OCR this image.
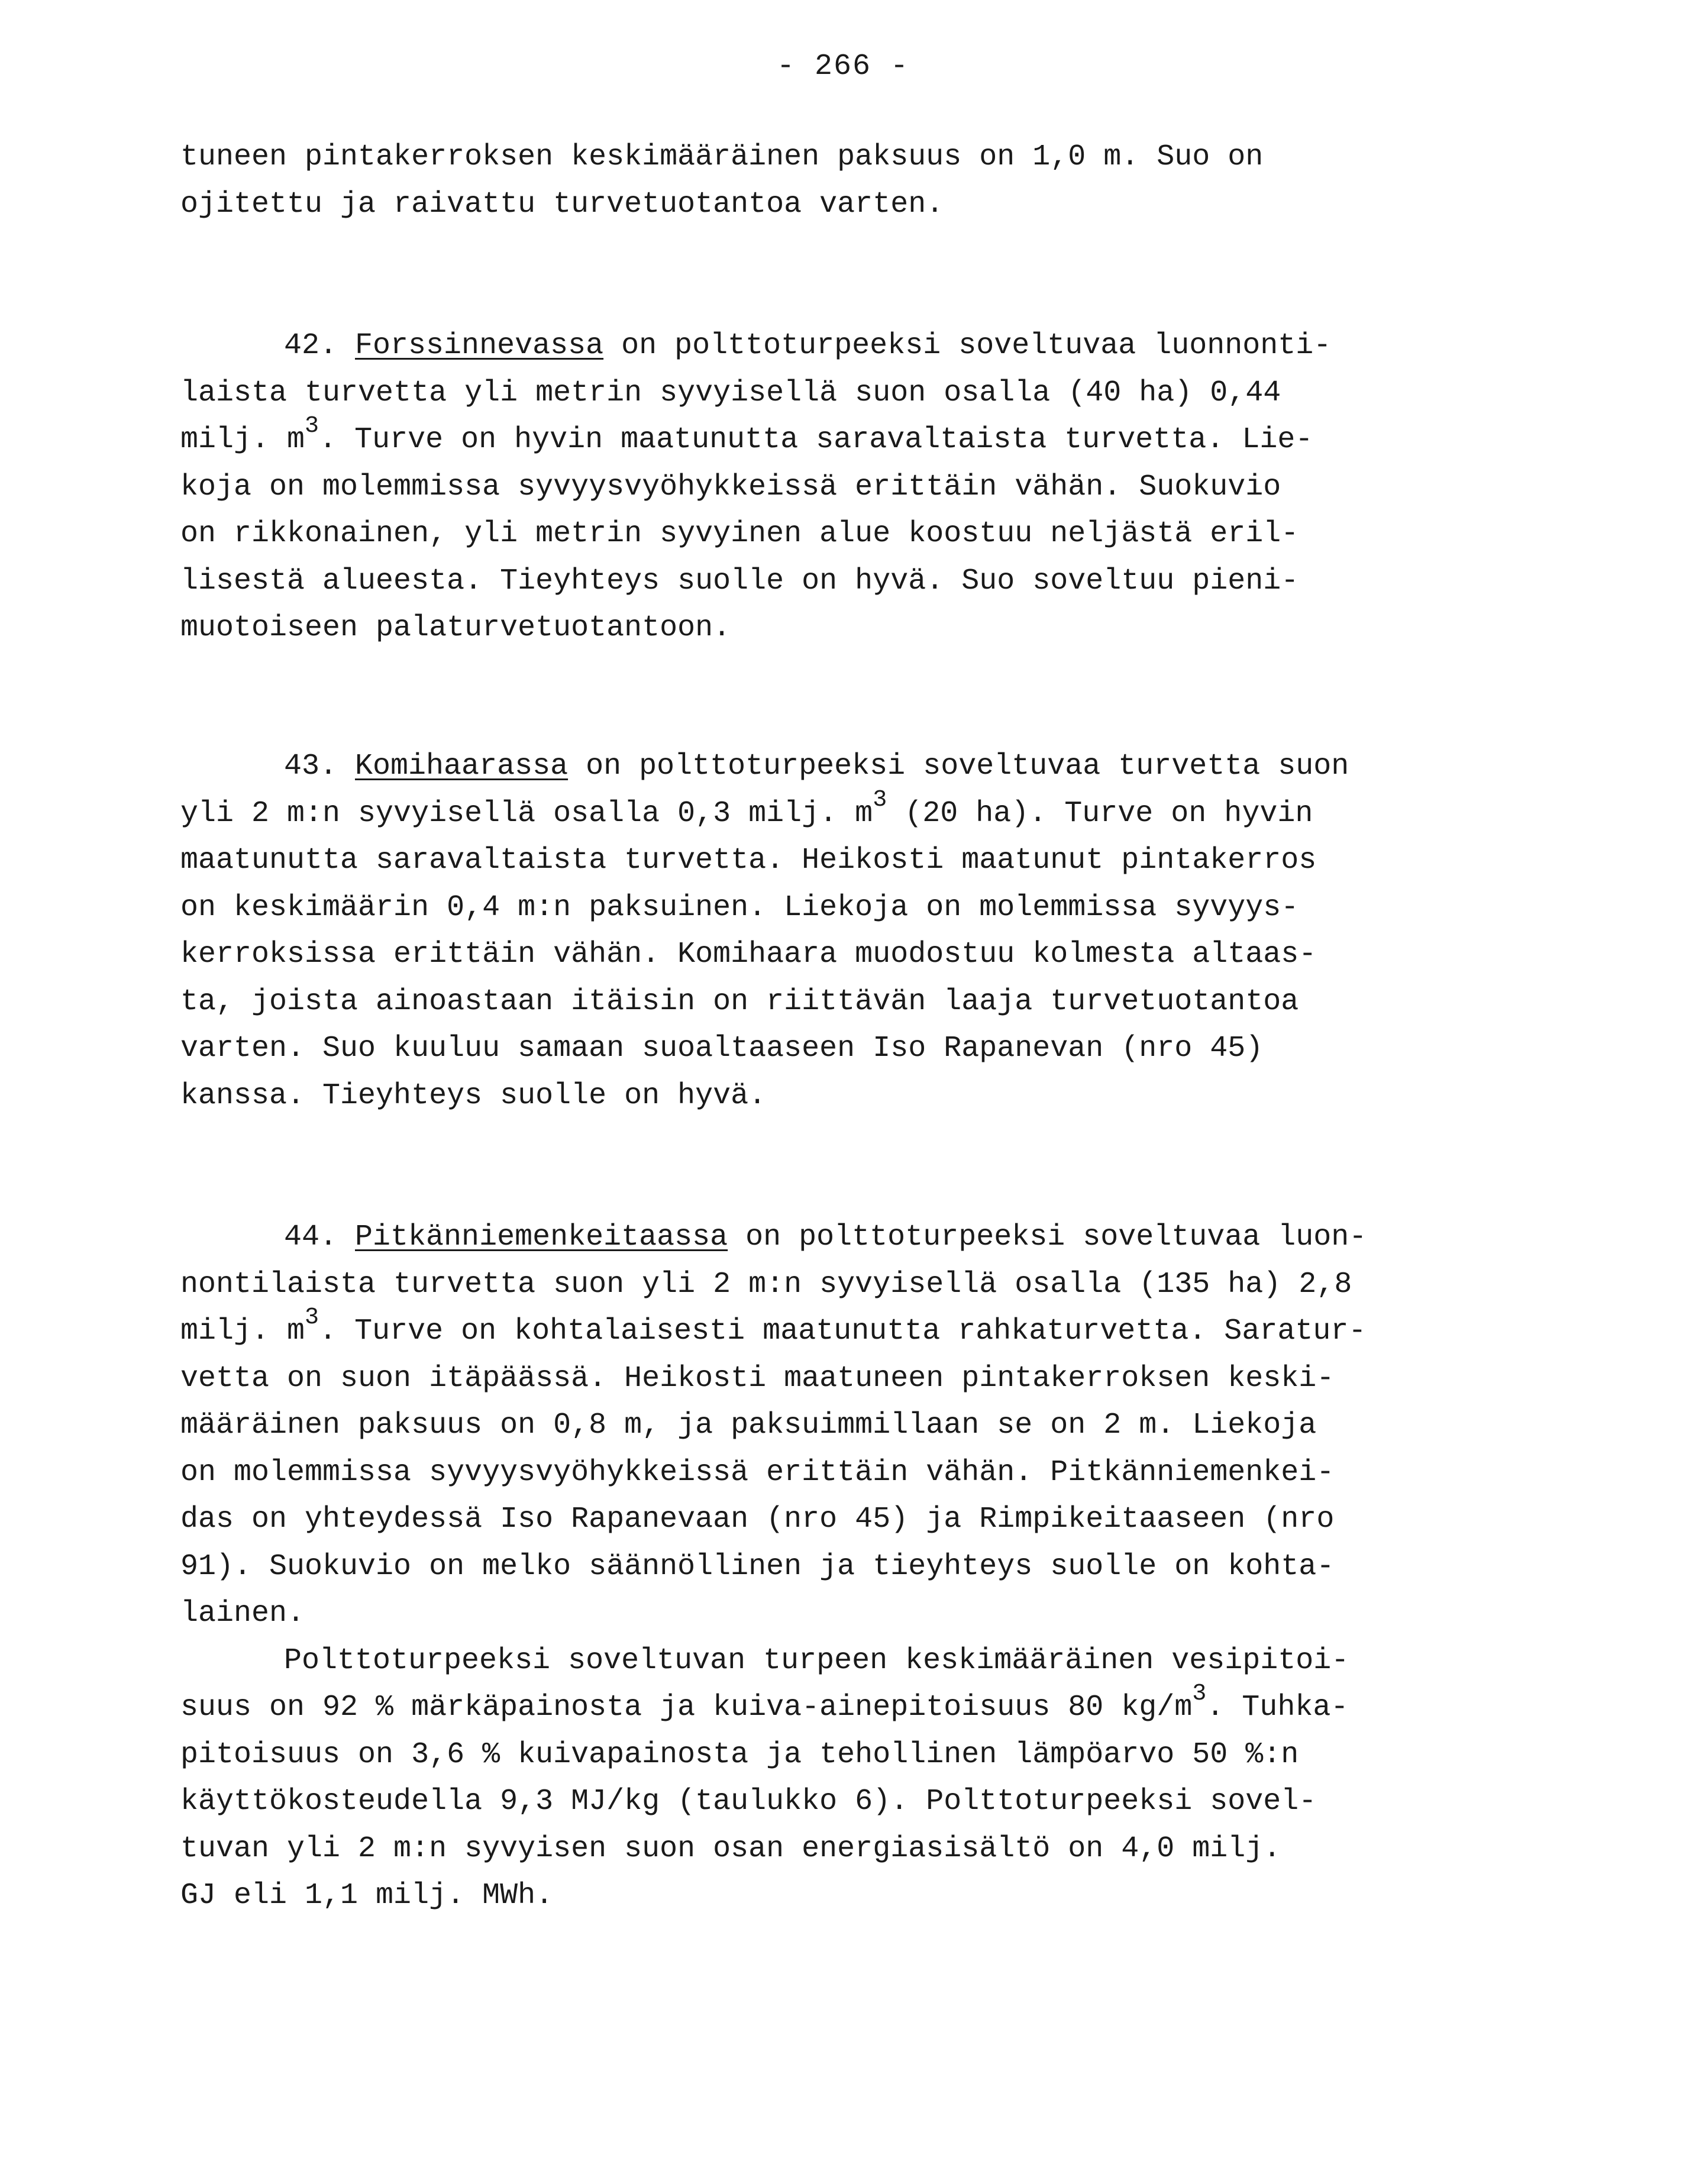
- 266 -
tuneen pintakerroksen keskimääräinen paksuus on 1,0 m. Suo on
ojitettu ja raivattu turvetuotantoa varten.
42. Forssinnevassa on polttoturpeeksi soveltuvaa luonnonti-
laista turvetta yli metrin syvyisellä suon osalla (40 ha) 0,44
milj. $m^3$. Turve on hyvin maatunutta saravaltaista turvetta. Lie-
koja on molemmissa syvyysvyöhykkeissä erittäin vähän. Suokuvio
on rikkonainen, yli metrin syvyinen alue koostuu neljästä eril-
lisestä alueesta. Tieyhteys suolle on hyvä. Suo soveltuu pieni-
muotoiseen palaturvetuotantoon.
43. Komihaarassa on polttoturpeeksi soveltuvaa turvetta suon
yli 2 m:n syvyisellä osalla 0,3 milj. $m^3$ (20 ha). Turve on hyvin
maatunutta saravaltaista turvetta. Heikosti maatunut pintakerros
on keskimäärin 0,4 m:n paksuinen. Liekoja on molemmissa syvyys-
kerroksissa erittäin vähän. Komihaara muodostuu kolmesta altaas-
ta, joista ainoastaan itäisin on riittävän laaja turvetuotantoa
varten. Suo kuuluu samaan suoaltaaseen Iso Rapanevan (nro 45)
kanssa. Tieyhteys suolle on hyvä.
44. Pitkänniemenkeitaassa on polttoturpeeksi soveltuvaa luon-
nontilaista turvetta suon yli 2 m:n syvyisellä osalla (135 ha) 2,8
milj. $m^3$. Turve on kohtalaisesti maatunutta rahkaturvetta. Saratur-
vetta on suon itäpäässä. Heikosti maatuneen pintakerroksen keski-
määräinen paksuus on 0,8 m, ja paksuimmillaan se on 2 m. Liekoja
on molemmissa syvyysvyöhykkeissä erittäin vähän. Pitkänniemenkei-
das on yhteydessä Iso Rapanevaan (nro 45) ja Rimpikeitaaseen (nro
91). Suokuvio on melko säännöllinen ja tieyhteys suolle on kohta-
lainen.
Polttoturpeeksi soveltuvan turpeen keskimääräinen vesipitoi-
suus on 92 % märkäpainosta ja kuiva-ainepitoisuus 80 $kg/m^3$. Tuhka-
pitoisuus on 3,6 % kuivapainosta ja tehollinen lämpöarvo 50 %:n
käyttökosteudella 9,3 MJ/kg (taulukko 6). Polttoturpeeksi sovel-
tuvan yli 2 m:n syvyisen suon osan energiasisältö on 4,0 milj.
GJ eli 1,1 milj. MWh.
